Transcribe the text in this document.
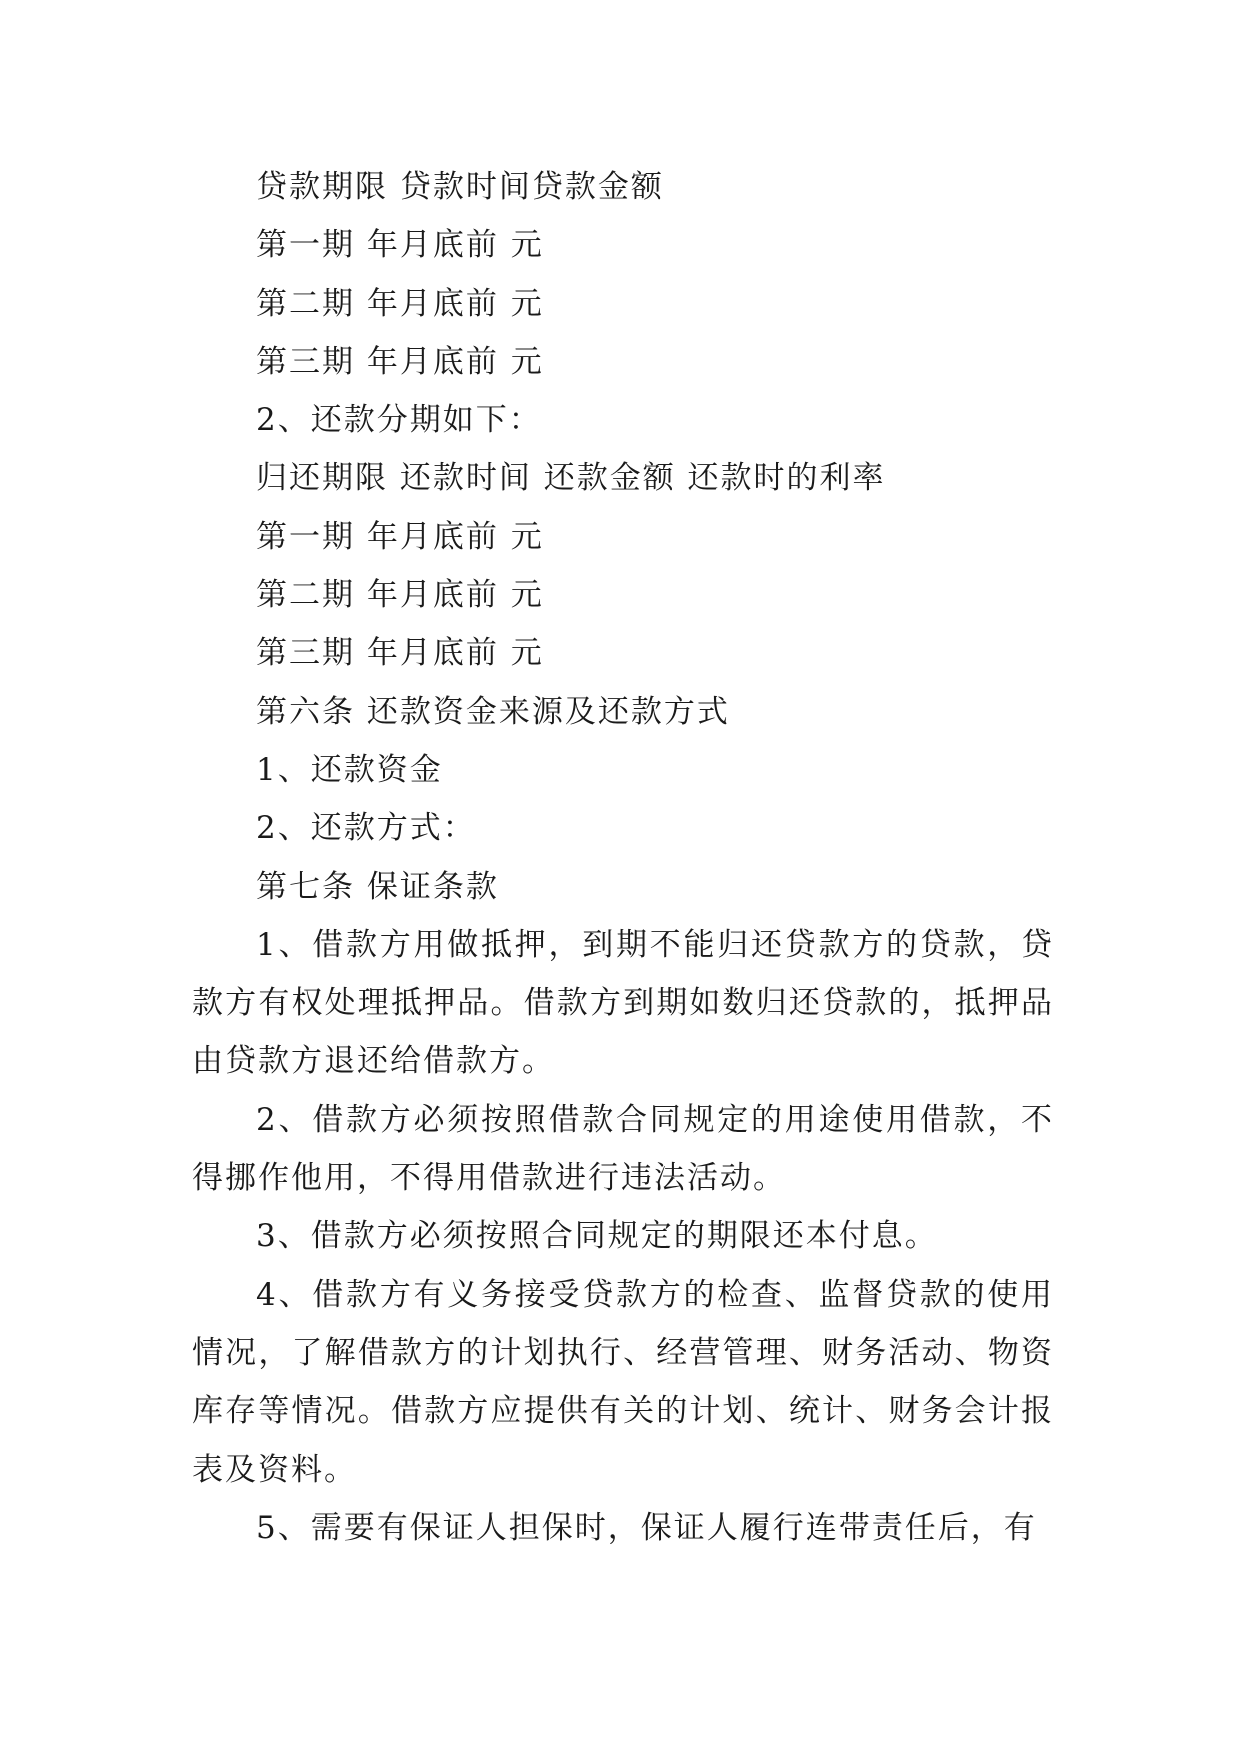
贷款期限 贷款时间贷款金额
第一期 年月底前 元
第二期 年月底前 元
第三期 年月底前 元
2、还款分期如下：
归还期限 还款时间 还款金额 还款时的利率
第一期 年月底前 元
第二期 年月底前 元
第三期 年月底前 元
第六条 还款资金来源及还款方式
1、还款资金
2、还款方式：
第七条 保证条款

1、借款方用做抵押，到期不能归还贷款方的贷款，贷款方有权处理抵押品。借款方到期如数归还贷款的，抵押品由贷款方退还给借款方。

2、借款方必须按照借款合同规定的用途使用借款，不得挪作他用，不得用借款进行违法活动。

3、借款方必须按照合同规定的期限还本付息。

4、借款方有义务接受贷款方的检查、监督贷款的使用情况，了解借款方的计划执行、经营管理、财务活动、物资库存等情况。借款方应提供有关的计划、统计、财务会计报表及资料。

5、需要有保证人担保时，保证人履行连带责任后，有
